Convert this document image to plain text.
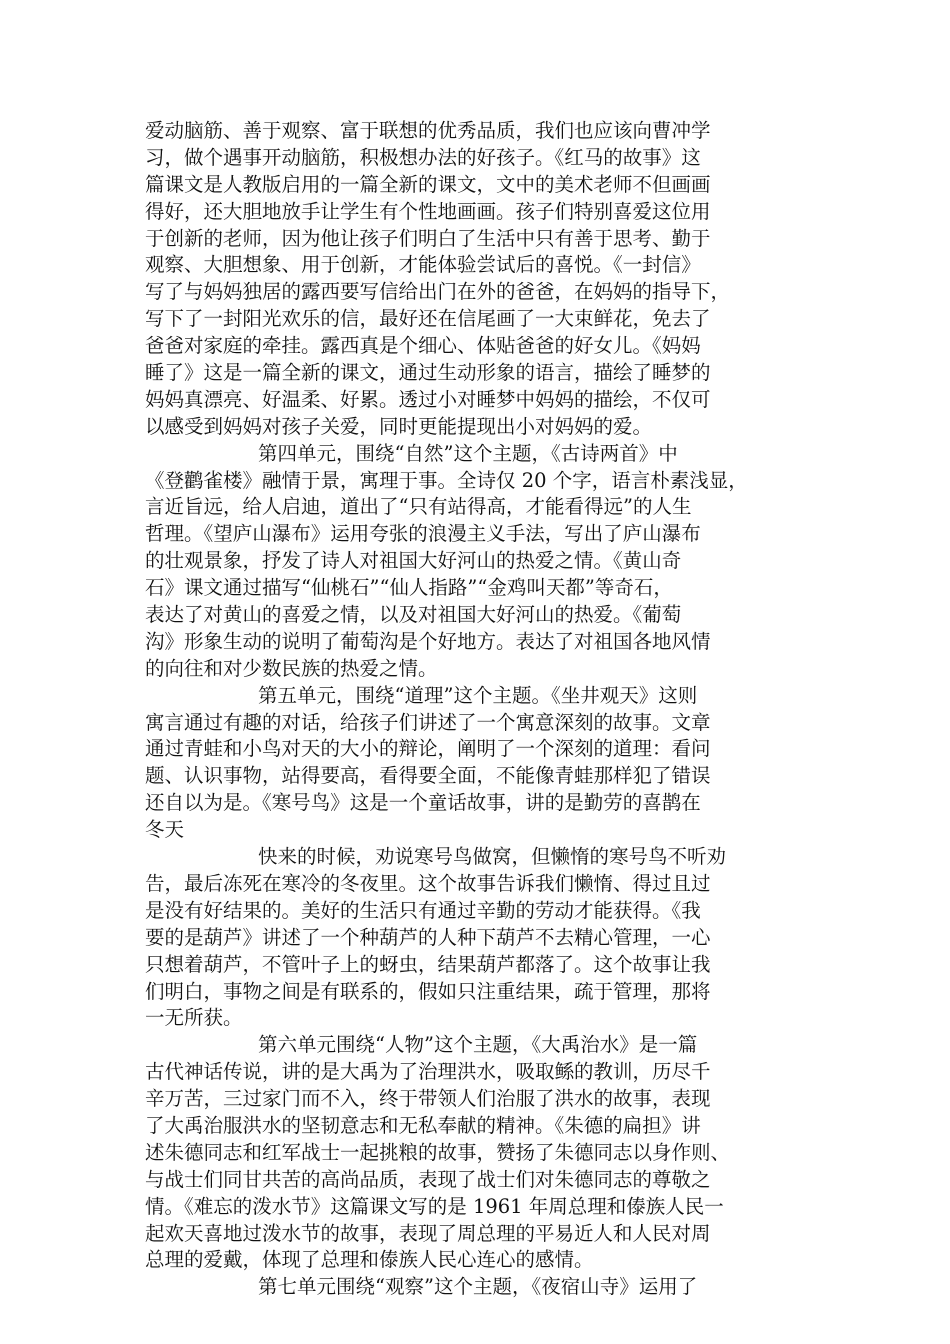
爱动脑筋、善于观察、富于联想的优秀品质，我们也应该向曹冲学
习，做个遇事开动脑筋，积极想办法的好孩子。《红马的故事》这
篇课文是人教版启用的一篇全新的课文，文中的美术老师不但画画
得好，还大胆地放手让学生有个性地画画。孩子们特别喜爱这位用
于创新的老师，因为他让孩子们明白了生活中只有善于思考、勤于
观察、大胆想象、用于创新，才能体验尝试后的喜悦。《一封信》
写了与妈妈独居的露西要写信给出门在外的爸爸，在妈妈的指导下，
写下了一封阳光欢乐的信，最好还在信尾画了一大束鲜花，免去了
爸爸对家庭的牵挂。露西真是个细心、体贴爸爸的好女儿。《妈妈
睡了》这是一篇全新的课文，通过生动形象的语言，描绘了睡梦的
妈妈真漂亮、好温柔、好累。透过小对睡梦中妈妈的描绘，不仅可
以感受到妈妈对孩子关爱，同时更能提现出小对妈妈的爱。
第四单元，围绕“自然”这个主题，《古诗两首》中
《登鹳雀楼》融情于景，寓理于事。全诗仅 20 个字，语言朴素浅显，
言近旨远，给人启迪，道出了“只有站得高，才能看得远”的人生
哲理。《望庐山瀑布》运用夸张的浪漫主义手法，写出了庐山瀑布
的壮观景象，抒发了诗人对祖国大好河山的热爱之情。《黄山奇
石》课文通过描写“仙桃石”“仙人指路”“金鸡叫天都”等奇石，
表达了对黄山的喜爱之情，以及对祖国大好河山的热爱。《葡萄
沟》形象生动的说明了葡萄沟是个好地方。表达了对祖国各地风情
的向往和对少数民族的热爱之情。
第五单元，围绕“道理”这个主题。《坐井观天》这则
寓言通过有趣的对话，给孩子们讲述了一个寓意深刻的故事。文章
通过青蛙和小鸟对天的大小的辩论，阐明了一个深刻的道理：看问
题、认识事物，站得要高，看得要全面，不能像青蛙那样犯了错误
还自以为是。《寒号鸟》这是一个童话故事，讲的是勤劳的喜鹊在
冬天
快来的时候，劝说寒号鸟做窝，但懒惰的寒号鸟不听劝
告，最后冻死在寒冷的冬夜里。这个故事告诉我们懒惰、得过且过
是没有好结果的。美好的生活只有通过辛勤的劳动才能获得。《我
要的是葫芦》讲述了一个种葫芦的人种下葫芦不去精心管理，一心
只想着葫芦，不管叶子上的蚜虫，结果葫芦都落了。这个故事让我
们明白，事物之间是有联系的，假如只注重结果，疏于管理，那将
一无所获。
第六单元围绕“人物”这个主题，《大禹治水》是一篇
古代神话传说，讲的是大禹为了治理洪水，吸取鲧的教训，历尽千
辛万苦，三过家门而不入，终于带领人们治服了洪水的故事，表现
了大禹治服洪水的坚韧意志和无私奉献的精神。《朱德的扁担》讲
述朱德同志和红军战士一起挑粮的故事，赞扬了朱德同志以身作则、
与战士们同甘共苦的高尚品质，表现了战士们对朱德同志的尊敬之
情。《难忘的泼水节》这篇课文写的是 1961 年周总理和傣族人民一
起欢天喜地过泼水节的故事，表现了周总理的平易近人和人民对周
总理的爱戴，体现了总理和傣族人民心连心的感情。
第七单元围绕“观察”这个主题，《夜宿山寺》运用了
